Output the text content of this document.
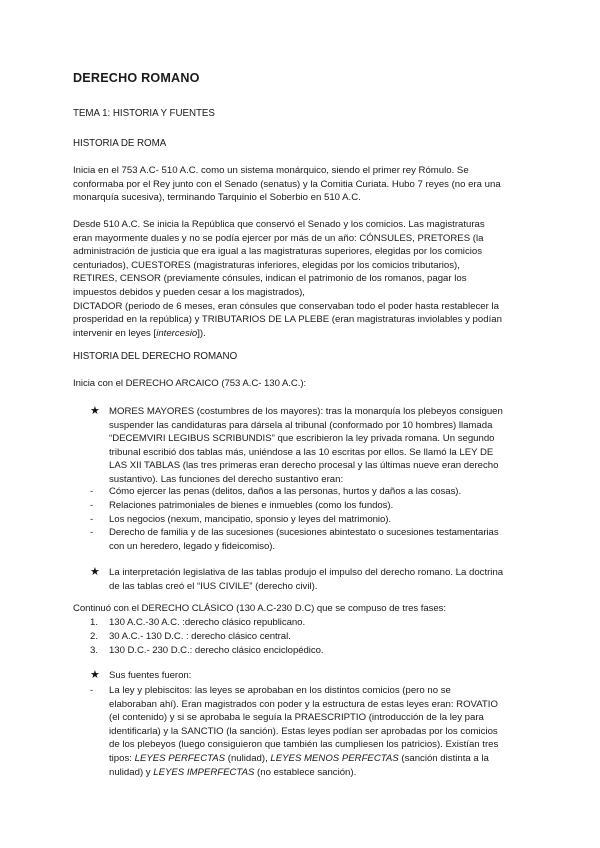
DERECHO ROMANO
TEMA 1: HISTORIA Y FUENTES
HISTORIA DE ROMA
Inicia en el 753 A.C- 510 A.C. como un sistema monárquico, siendo el primer rey Rómulo. Se
conformaba por el Rey junto con el Senado (senatus) y la Comitia Curiata. Hubo 7 reyes (no era una
monarquía sucesiva), terminando Tarquinio el Soberbio en 510 A.C.
Desde 510 A.C. Se inicia la República que conservó el Senado y los comicios. Las magistraturas
eran mayormente duales y no se podía ejercer por más de un año: CÓNSULES, PRETORES (la
administración de justicia que era igual a las magistraturas superiores, elegidas por los comicios
centuriados), CUESTORES (magistraturas inferiores, elegidas por los comicios tributarios),
RETIRES, CENSOR (previamente cónsules, indican el patrimonio de los romanos, pagar los
impuestos debidos y pueden cesar a los magistrados),
DICTADOR (periodo de 6 meses, eran cónsules que conservaban todo el poder hasta restablecer la
prosperidad en la república) y TRIBUTARIOS DE LA PLEBE (eran magistraturas inviolables y podían
intervenir en leyes [intercesio]).
HISTORIA DEL DERECHO ROMANO
Inicia con el DERECHO ARCAICO (753 A.C- 130 A.C.):
★ MORES MAYORES (costumbres de los mayores): tras la monarquía los plebeyos consiguen
suspender las candidaturas para dársela al tribunal (conformado por 10 hombres) llamada
“DECEMVIRI LEGIBUS SCRIBUNDIS” que escribieron la ley privada romana. Un segundo
tribunal escribió dos tablas más, uniéndose a las 10 escritas por ellos. Se llamó la LEY DE
LAS XII TABLAS (las tres primeras eran derecho procesal y las últimas nueve eran derecho
sustantivo). Las funciones del derecho sustantivo eran:
- Cómo ejercer las penas (delitos, daños a las personas, hurtos y daños a las cosas).
- Relaciones patrimoniales de bienes e inmuebles (como los fundos).
- Los negocios (nexum, mancipatio, sponsio y leyes del matrimonio).
- Derecho de familia y de las sucesiones (sucesiones abintestato o sucesiones testamentarias
con un heredero, legado y fideicomiso).
★ La interpretación legislativa de las tablas produjo el impulso del derecho romano. La doctrina
de las tablas creó el “IUS CIVILE” (derecho civil).
Continuó con el DERECHO CLÁSICO (130 A.C-230 D.C) que se compuso de tres fases:
1. 130 A.C.-30 A.C. :derecho clásico republicano.
2. 30 A.C.- 130 D.C. : derecho clásico central.
3. 130 D.C.- 230 D.C.: derecho clásico enciclopédico.
★ Sus fuentes fueron:
- La ley y plebiscitos: las leyes se aprobaban en los distintos comicios (pero no se
elaboraban ahí). Eran magistrados con poder y la estructura de estas leyes eran: ROVATIO
(el contenido) y si se aprobaba le seguía la PRAESCRIPTIO (introducción de la ley para
identificarla) y la SANCTIO (la sanción). Estas leyes podían ser aprobadas por los comicios
de los plebeyos (luego consiguieron que también las cumpliesen los patricios). Existían tres
tipos: LEYES PERFECTAS (nulidad), LEYES MENOS PERFECTAS (sanción distinta a la
nulidad) y LEYES IMPERFECTAS (no establece sanción).
